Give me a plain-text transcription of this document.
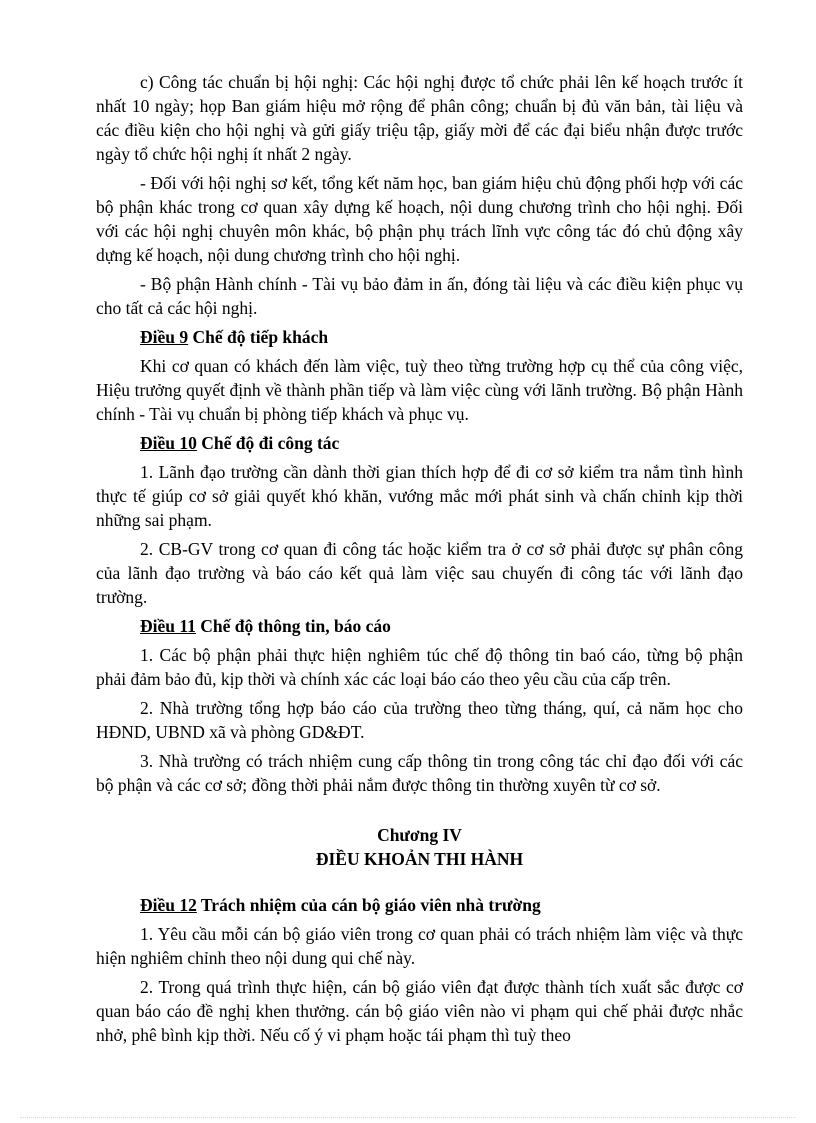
c) Công tác chuẩn bị hội nghị: Các hội nghị được tổ chức phải lên kế hoạch trước ít nhất 10 ngày; họp Ban giám hiệu mở rộng để phân công; chuẩn bị đủ văn bản, tài liệu và các điều kiện cho hội nghị và gửi giấy triệu tập, giấy mời để các đại biểu nhận được trước ngày tổ chức hội nghị ít nhất 2 ngày.

- Đối với hội nghị sơ kết, tổng kết năm học, ban giám hiệu chủ động phối hợp với các bộ phận khác trong cơ quan xây dựng kế hoạch, nội dung chương trình cho hội nghị. Đối với các hội nghị chuyên môn khác, bộ phận phụ trách lĩnh vực công tác đó chủ động xây dựng kế hoạch, nội dung chương trình cho hội nghị.

- Bộ phận Hành chính - Tài vụ bảo đảm in ấn, đóng tài liệu và các điều kiện phục vụ cho tất cả các hội nghị.

Điều 9 Chế độ tiếp khách

Khi cơ quan có khách đến làm việc, tuỳ theo từng trường hợp cụ thể của công việc, Hiệu trưởng quyết định về thành phần tiếp và làm việc cùng với lãnh trường. Bộ phận Hành chính - Tài vụ chuẩn bị phòng tiếp khách và phục vụ.

Điều 10 Chế độ đi công tác

1. Lãnh đạo trường cần dành thời gian thích hợp để đi cơ sở kiểm tra nắm tình hình thực tế giúp cơ sở giải quyết khó khăn, vướng mắc mới phát sinh và chấn chỉnh kịp thời những sai phạm.

2. CB-GV trong cơ quan đi công tác hoặc kiểm tra ở cơ sở phải được sự phân công của lãnh đạo trường và báo cáo kết quả làm việc sau chuyến đi công tác với lãnh đạo trường.

Điều 11 Chế độ thông tin, báo cáo

1. Các bộ phận phải thực hiện nghiêm túc chế độ thông tin baó cáo, từng bộ phận phải đảm bảo đủ, kịp thời và chính xác các loại báo cáo theo yêu cầu của cấp trên.

2. Nhà trường tổng hợp báo cáo của trường theo từng tháng, quí, cả năm học cho HĐND, UBND xã và phòng GD&ĐT.

3. Nhà trường có trách nhiệm cung cấp thông tin trong công tác chỉ đạo đối với các bộ phận và các cơ sở; đồng thời phải nắm được thông tin thường xuyên từ cơ sở.

Chương IV

ĐIỀU KHOẢN THI HÀNH

Điều 12 Trách nhiệm của cán bộ giáo viên nhà trường

1. Yêu cầu mỗi cán bộ giáo viên trong cơ quan phải có trách nhiệm làm việc và thực hiện nghiêm chỉnh theo nội dung qui chế này.

2. Trong quá trình thực hiện, cán bộ giáo viên đạt được thành tích xuất sắc được cơ quan báo cáo đề nghị khen thưởng. cán bộ giáo viên nào vi phạm qui chế phải được nhắc nhở, phê bình kịp thời. Nếu cố ý vi phạm hoặc tái phạm thì tuỳ theo
